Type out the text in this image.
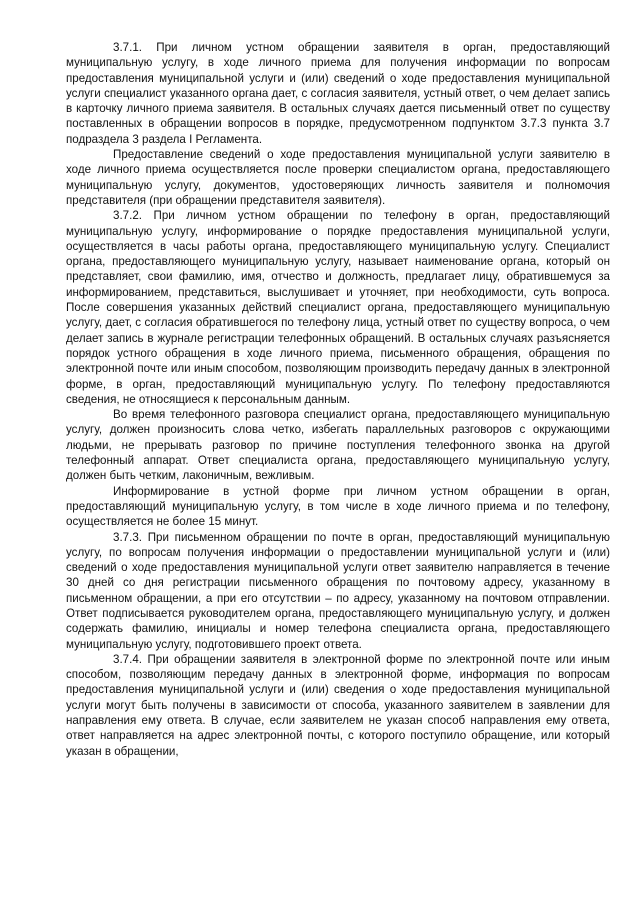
3.7.1. При личном устном обращении заявителя в орган, предоставляющий муниципальную услугу, в ходе личного приема для получения информации по вопросам предоставления муниципальной услуги и (или) сведений о ходе предоставления муниципальной услуги специалист указанного органа дает, с согласия заявителя, устный ответ, о чем делает запись в карточку личного приема заявителя. В остальных случаях дается письменный ответ по существу поставленных в обращении вопросов в порядке, предусмотренном подпунктом 3.7.3 пункта 3.7 подраздела 3 раздела I Регламента.

Предоставление сведений о ходе предоставления муниципальной услуги заявителю в ходе личного приема осуществляется после проверки специалистом органа, предоставляющего муниципальную услугу, документов, удостоверяющих личность заявителя и полномочия представителя (при обращении представителя заявителя).

3.7.2. При личном устном обращении по телефону в орган, предоставляющий муниципальную услугу, информирование о порядке предоставления муниципальной услуги, осуществляется в часы работы органа, предоставляющего муниципальную услугу. Специалист органа, предоставляющего муниципальную услугу, называет наименование органа, который он представляет, свои фамилию, имя, отчество и должность, предлагает лицу, обратившемуся за информированием, представиться, выслушивает и уточняет, при необходимости, суть вопроса. После совершения указанных действий специалист органа, предоставляющего муниципальную услугу, дает, с согласия обратившегося по телефону лица, устный ответ по существу вопроса, о чем делает запись в журнале регистрации телефонных обращений. В остальных случаях разъясняется порядок устного обращения в ходе личного приема, письменного обращения, обращения по электронной почте или иным способом, позволяющим производить передачу данных в электронной форме, в орган, предоставляющий муниципальную услугу. По телефону предоставляются сведения, не относящиеся к персональным данным.

Во время телефонного разговора специалист органа, предоставляющего муниципальную услугу, должен произносить слова четко, избегать параллельных разговоров с окружающими людьми, не прерывать разговор по причине поступления телефонного звонка на другой телефонный аппарат. Ответ специалиста органа, предоставляющего муниципальную услугу, должен быть четким, лаконичным, вежливым.

Информирование в устной форме при личном устном обращении в орган, предоставляющий муниципальную услугу, в том числе в ходе личного приема и по телефону, осуществляется не более 15 минут.

3.7.3. При письменном обращении по почте в орган, предоставляющий муниципальную услугу, по вопросам получения информации о предоставлении муниципальной услуги и (или) сведений о ходе предоставления муниципальной услуги ответ заявителю направляется в течение 30 дней со дня регистрации письменного обращения по почтовому адресу, указанному в письменном обращении, а при его отсутствии – по адресу, указанному на почтовом отправлении. Ответ подписывается руководителем органа, предоставляющего муниципальную услугу, и должен содержать фамилию, инициалы и номер телефона специалиста органа, предоставляющего муниципальную услугу, подготовившего проект ответа.

3.7.4. При обращении заявителя в электронной форме по электронной почте или иным способом, позволяющим передачу данных в электронной форме, информация по вопросам предоставления муниципальной услуги и (или) сведения о ходе предоставления муниципальной услуги могут быть получены в зависимости от способа, указанного заявителем в заявлении для направления ему ответа. В случае, если заявителем не указан способ направления ему ответа, ответ направляется на адрес электронной почты, с которого поступило обращение, или который указан в обращении,
